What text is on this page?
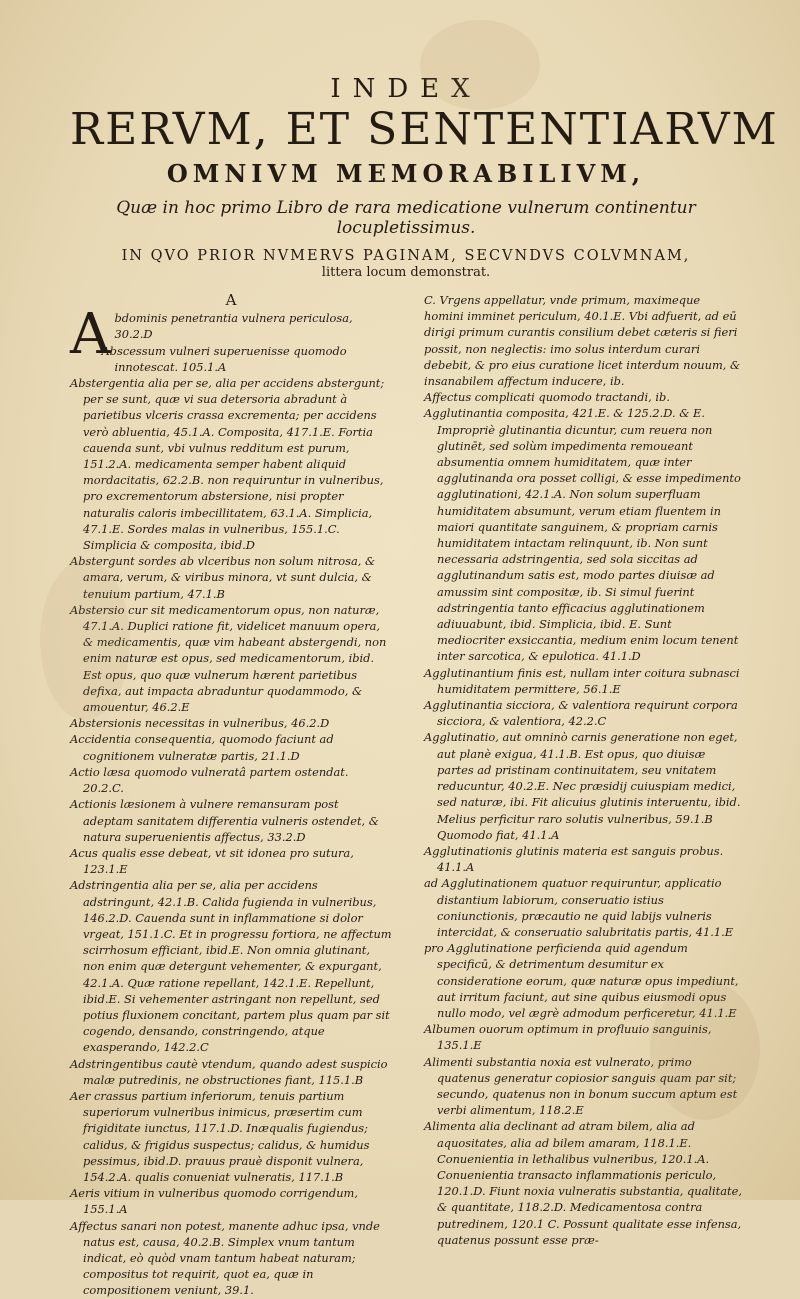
INDEX
RERVM, ET SENTENTIARVM
OMNIVM MEMORABILIVM,
Quæ in hoc primo Libro de rara medicatione vulnerum continentur locupletissimus.
IN QVO PRIOR NVMERVS PAGINAM, SECVNDVS COLVMNAM,
littera locum demonstrat.
A

Abdominis penetrantia vulnera periculosa, 30.2.D

Abscessum vulneri superuenisse quomodo innotescat. 105.1.A

Abstergentia alia per se, alia per accidens abstergunt; per se sunt, quæ vi sua detersoria abradunt à parietibus vlceris crassa excrementa; per accidens verò abluentia, 45.1.A. Composita, 417.1.E. Fortia cauenda sunt, vbi vulnus redditum est purum, 151.2.A. medicamenta semper habent aliquid mordacitatis, 62.2.B. non requiruntur in vulneribus, pro excrementorum abstersione, nisi propter naturalis caloris imbecillitatem, 63.1.A. Simplicia, 47.1.E. Sordes malas in vulneribus, 155.1.C. Simplicia & composita, ibid.D

Abstergunt sordes ab vlceribus non solum nitrosa, & amara, verum, & viribus minora, vt sunt dulcia, & tenuium partium, 47.1.B

Abstersio cur sit medicamentorum opus, non naturæ, 47.1.A. Duplici ratione fit, videlicet manuum opera, & medicamentis, quæ vim habeant abstergendi, non enim naturæ est opus, sed medicamentorum, ibid. Est opus, quo quæ vulnerum hærent parietibus defixa, aut impacta abraduntur quodammodo, & amouentur, 46.2.E

Abstersionis necessitas in vulneribus, 46.2.D

Accidentia consequentia, quomodo faciunt ad cognitionem vulneratæ partis, 21.1.D

Actio læsa quomodo vulneratâ partem ostendat. 20.2.C.

Actionis læsionem à vulnere remansuram post adeptam sanitatem differentia vulneris ostendet, & natura superuenientis affectus, 33.2.D

Acus qualis esse debeat, vt sit idonea pro sutura, 123.1.E

Adstringentia alia per se, alia per accidens adstringunt, 42.1.B. Calida fugienda in vulneribus, 146.2.D. Cauenda sunt in inflammatione si dolor vrgeat, 151.1.C. Et in progressu fortiora, ne affectum scirrhosum efficiant, ibid.E. Non omnia glutinant, non enim quæ detergunt vehementer, & expurgant, 42.1.A. Quæ ratione repellant, 142.1.E. Repellunt, ibid.E. Si vehementer astringant non repellunt, sed potius fluxionem concitant, partem plus quam par sit cogendo, densando, constringendo, atque exasperando, 142.2.C

Adstringentibus cautè vtendum, quando adest suspicio malæ putredinis, ne obstructiones fiant, 115.1.B

Aer crassus partium inferiorum, tenuis partium superiorum vulneribus inimicus, præsertim cum frigiditate iunctus, 117.1.D. Inæqualis fugiendus; calidus, & frigidus suspectus; calidus, & humidus pessimus, ibid.D. prauus prauè disponit vulnera, 154.2.A. qualis conueniat vulneratis, 117.1.B

Aeris vitium in vulneribus quomodo corrigendum, 155.1.A

Affectus sanari non potest, manente adhuc ipsa, vnde natus est, causa, 40.2.B. Simplex vnum tantum indicat, eò quòd vnam tantum habeat naturam; compositus tot requirit, quot ea, quæ in compositionem veniunt, 39.1.

C. Vrgens appellatur, vnde primum, maximeque homini imminet periculum, 40.1.E. Vbi adfuerit, ad eū dirigi primum curantis consilium debet cæteris si fieri possit, non neglectis: imo solus interdum curari debebit, & pro eius curatione licet interdum nouum, & insanabilem affectum inducere, ib.

Affectus complicati quomodo tractandi, ib.

Agglutinantia composita, 421.E. & 125.2.D. & E. Impropriè glutinantia dicuntur, cum reuera non glutinēt, sed solùm impedimenta remoueant absumentia omnem humiditatem, quæ inter agglutinanda ora posset colligi, & esse impedimento agglutinationi, 42.1.A. Non solum superfluam humiditatem absumunt, verum etiam fluentem in maiori quantitate sanguinem, & propriam carnis humiditatem intactam relinquunt, ib. Non sunt necessaria adstringentia, sed sola siccitas ad agglutinandum satis est, modo partes diuisæ ad amussim sint compositæ, ib. Si simul fuerint adstringentia tanto efficacius agglutinationem adiuuabunt, ibid. Simplicia, ibid. E. Sunt mediocriter exsiccantia, medium enim locum tenent inter sarcotica, & epulotica. 41.1.D

Agglutinantium finis est, nullam inter coitura subnasci humiditatem permittere, 56.1.E

Agglutinantia sicciora, & valentiora requirunt corpora sicciora, & valentiora, 42.2.C

Agglutinatio, aut omninò carnis generatione non eget, aut planè exigua, 41.1.B. Est opus, quo diuisæ partes ad pristinam continuitatem, seu vnitatem reducuntur, 40.2.E. Nec præsidij cuiuspiam medici, sed naturæ, ibi. Fit alicuius glutinis interuentu, ibid. Melius perficitur raro solutis vulneribus, 59.1.B Quomodo fiat, 41.1.A

Agglutinationis glutinis materia est sanguis probus. 41.1.A

ad Agglutinationem quatuor requiruntur, applicatio distantium labiorum, conseruatio istius coniunctionis, præcautio ne quid labijs vulneris intercidat, & conseruatio salubritatis partis, 41.1.E

pro Agglutinatione perficienda quid agendum specificū, & detrimentum desumitur ex consideratione eorum, quæ naturæ opus impediunt, aut irritum faciunt, aut sine quibus eiusmodi opus nullo modo, vel ægrè admodum perficeretur, 41.1.E

Albumen ouorum optimum in profluuio sanguinis, 135.1.E

Alimenti substantia noxia est vulnerato, primo quatenus generatur copiosior sanguis quam par sit; secundo, quatenus non in bonum succum aptum est verbi alimentum, 118.2.E

Alimenta alia declinant ad atram bilem, alia ad aquositates, alia ad bilem amaram, 118.1.E. Conuenientia in lethalibus vulneribus, 120.1.A. Conuenientia transacto inflammationis periculo, 120.1.D. Fiunt noxia vulneratis substantia, qualitate, & quantitate, 118.2.D. Medicamentosa contra putredinem, 120.1 C. Possunt qualitate esse infensa, quatenus possunt esse præ-
